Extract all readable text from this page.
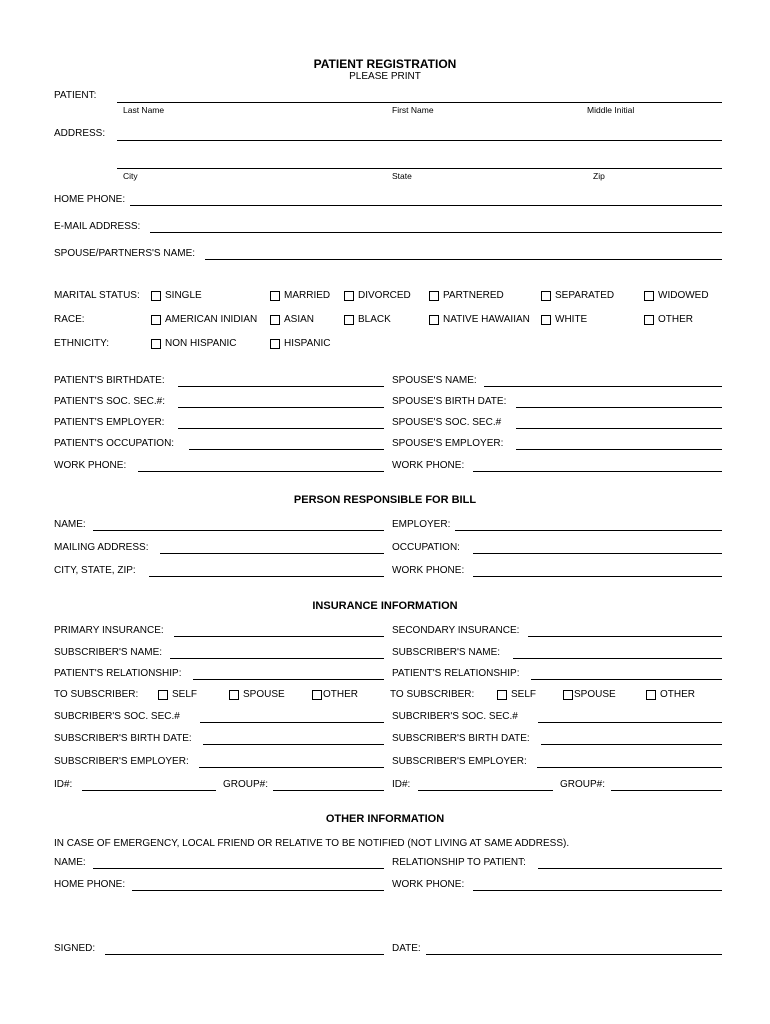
PATIENT REGISTRATION
PLEASE PRINT
PATIENT:
Last Name	First Name	Middle Initial
ADDRESS:
City	State	Zip
HOME PHONE:
E-MAIL ADDRESS:
SPOUSE/PARTNERS'S NAME:
MARITAL STATUS:	SINGLE	MARRIED	DIVORCED	PARTNERED	SEPARATED	WIDOWED
RACE:	AMERICAN INIDIAN	ASIAN	BLACK	NATIVE HAWAIIAN	WHITE	OTHER
ETHNICITY:	NON HISPANIC	HISPANIC
PATIENT'S BIRTHDATE:	SPOUSE'S NAME:
PATIENT'S SOC. SEC.#:	SPOUSE'S BIRTH DATE:
PATIENT'S EMPLOYER:	SPOUSE'S SOC. SEC.#
PATIENT'S OCCUPATION:	SPOUSE'S EMPLOYER:
WORK PHONE:	WORK PHONE:
PERSON RESPONSIBLE FOR BILL
NAME:	EMPLOYER:
MAILING ADDRESS:	OCCUPATION:
CITY, STATE, ZIP:	WORK PHONE:
INSURANCE INFORMATION
PRIMARY INSURANCE:	SECONDARY INSURANCE:
SUBSCRIBER'S NAME:	SUBSCRIBER'S NAME:
PATIENT'S RELATIONSHIP:	PATIENT'S RELATIONSHIP:
TO SUBSCRIBER:	SELF	SPOUSE	OTHER	TO SUBSCRIBER:	SELF	SPOUSE	OTHER
SUBCRIBER'S SOC. SEC.#	SUBCRIBER'S SOC. SEC.#
SUBSCRIBER'S BIRTH DATE:	SUBSCRIBER'S BIRTH DATE:
SUBSCRIBER'S EMPLOYER:	SUBSCRIBER'S EMPLOYER:
ID#:	GROUP#:	ID#:	GROUP#:
OTHER INFORMATION
IN CASE OF EMERGENCY, LOCAL FRIEND OR RELATIVE TO BE NOTIFIED (NOT LIVING AT SAME ADDRESS).
NAME:	RELATIONSHIP TO PATIENT:
HOME PHONE:	WORK PHONE:
SIGNED:	DATE:
